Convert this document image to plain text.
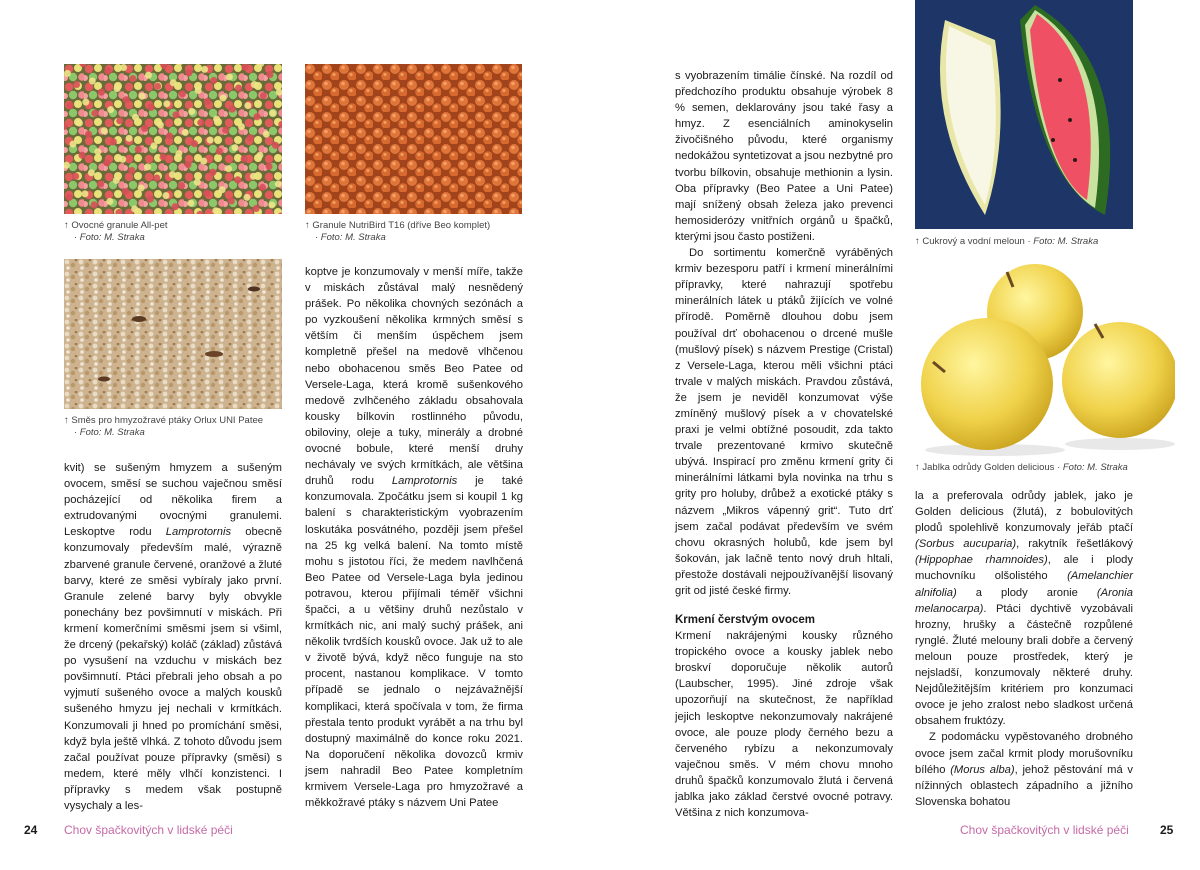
↑ Ovocné granule All-pet
· Foto: M. Straka
↑ Granule NutriBird T16 (dříve Beo komplet)
· Foto: M. Straka
↑ Směs pro hmyzožravé ptáky Orlux UNI Patee
· Foto: M. Straka

kvit) se sušeným hmyzem a sušeným ovocem, směsí se suchou vaječnou směsí pocházející od několika firem a extrudovanými ovocnými granulemi. Leskoptve rodu Lamprotornis obecně konzumovaly především malé, výrazně zbarvené granule červené, oranžové a žluté barvy, které ze směsi vybíraly jako první. Granule zelené barvy byly obvykle ponechány bez povšimnutí v miskách. Při krmení komerčními směsmi jsem si všiml, že drcený (pekařský) koláč (základ) zůstává po vysušení na vzduchu v miskách bez povšimnutí. Ptáci přebrali jeho obsah a po vyjmutí sušeného ovoce a malých kousků sušeného hmyzu jej nechali v krmítkách. Konzumovali ji hned po promíchání směsi, když byla ještě vlhká. Z tohoto důvodu jsem začal používat pouze přípravky (směsi) s medem, které měly vlhčí konzistenci. I přípravky s medem však postupně vysychaly a les-

koptve je konzumovaly v menší míře, takže v miskách zůstával malý nesnědený prášek. Po několika chovných sezónách a po vyzkoušení několika krmných směsí s větším či menším úspěchem jsem kompletně přešel na medově vlhčenou nebo obohacenou směs Beo Patee od Versele-Laga, která kromě sušenkového medově zvlhčeného základu obsahovala kousky bílkovin rostlinného původu, obiloviny, oleje a tuky, minerály a drobné ovocné bobule, které menší druhy nechávaly ve svých krmítkách, ale většina druhů rodu Lamprotornis je také konzumovala. Zpočátku jsem si koupil 1 kg balení s charakteristickým vyobrazením loskutáka posvátného, později jsem přešel na 25 kg velká balení. Na tomto místě mohu s jistotou říci, že medem navlhčená Beo Patee od Versele-Laga byla jedinou potravou, kterou přijímali téměř všichni špačci, a u většiny druhů nezůstalo v krmítkách nic, ani malý suchý prášek, ani několik tvrdších kousků ovoce. Jak už to ale v životě bývá, když něco funguje na sto procent, nastanou komplikace. V tomto případě se jednalo o nejzávažnější komplikaci, která spočívala v tom, že firma přestala tento produkt vyrábět a na trhu byl dostupný maximálně do konce roku 2021. Na doporučení několika dovozců krmiv jsem nahradil Beo Patee kompletním krmivem Versele-Laga pro hmyzožravé a měkkožravé ptáky s názvem Uni Patee

24 Chov špačkovitých v lidské péči

s vyobrazením timálie čínské. Na rozdíl od předchozího produktu obsahuje výrobek 8 % semen, deklarovány jsou také řasy a hmyz. Z esenciálních aminokyselin živočišného původu, které organismy nedokážou syntetizovat a jsou nezbytné pro tvorbu bílkovin, obsahuje methionin a lysin. Oba přípravky (Beo Patee a Uni Patee) mají snížený obsah železa jako prevenci hemosiderózy vnitřních orgánů u špačků, kterými jsou často postiženi.

Do sortimentu komerčně vyráběných krmiv bezesporu patří i krmení minerálními přípravky, které nahrazují spotřebu minerálních látek u ptáků žijících ve volné přírodě. Poměrně dlouhou dobu jsem používal drť obohacenou o drcené mušle (mušlový písek) s názvem Prestige (Cristal) z Versele-Laga, kterou měli všichni ptáci trvale v malých miskách. Pravdou zůstává, že jsem je neviděl konzumovat výše zmíněný mušlový písek a v chovatelské praxi je velmi obtížné posoudit, zda takto trvale prezentované krmivo skutečně ubývá. Inspirací pro změnu krmení grity či minerálními látkami byla novinka na trhu s grity pro holuby, drůbež a exotické ptáky s názvem „Mikros vápenný grit“. Tuto drť jsem začal podávat především ve svém chovu okrasných holubů, kde jsem byl šokován, jak lačně tento nový druh hltali, přestože dostávali nejpoužívanější lisovaný grit od jisté české firmy.

Krmení čerstvým ovocem

Krmení nakrájenými kousky různého tropického ovoce a kousky jablek nebo broskví doporučuje několik autorů (Laubscher, 1995). Jiné zdroje však upozorňují na skutečnost, že například jejich leskoptve nekonzumovaly nakrájené ovoce, ale pouze plody černého bezu a červeného rybízu a nekonzumovaly vaječnou směs. V mém chovu mnoho druhů špačků konzumovalo žlutá i červená jablka jako základ čerstvé ovocné potravy. Většina z nich konzumova-

↑ Cukrový a vodní meloun · Foto: M. Straka
↑ Jablka odrůdy Golden delicious · Foto: M. Straka

la a preferovala odrůdy jablek, jako je Golden delicious (žlutá), z bobulovitých plodů spolehlivě konzumovaly jeřáb ptačí (Sorbus aucuparia), rakytník řešetlákový (Hippophae rhamnoides), ale i plody muchovníku olšolistého (Amelanchier alnifolia) a plody aronie (Aronia melanocarpa). Ptáci dychtivě vyzobávali hrozny, hrušky a částečně rozpůlené rynglé. Žluté melouny brali dobře a červený meloun pouze prostředek, který je nejsladší, konzumovaly některé druhy. Nejdůležitějším kritériem pro konzumaci ovoce je jeho zralost nebo sladkost určená obsahem fruktózy.

Z podomácku vypěstovaného drobného ovoce jsem začal krmit plody morušovníku bílého (Morus alba), jehož pěstování má v nížinných oblastech západního a jižního Slovenska bohatou

Chov špačkovitých v lidské péči	25
